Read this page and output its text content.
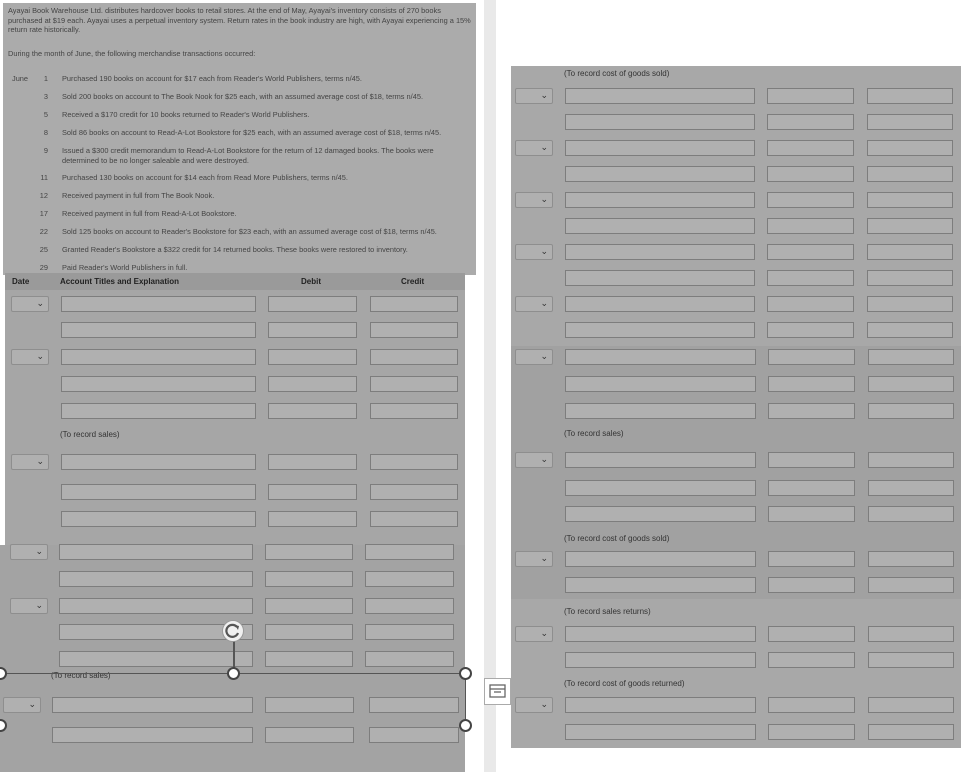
Ayayai Book Warehouse Ltd. distributes hardcover books to retail stores. At the end of May, Ayayai's inventory consists of 270 books purchased at $19 each. Ayayai uses a perpetual inventory system. Return rates in the book industry are high, with Ayayai experiencing a 15% return rate historically.

During the month of June, the following merchandise transactions occurred:

June 1 Purchased 190 books on account for $17 each from Reader's World Publishers, terms n/45.
3 Sold 200 books on account to The Book Nook for $25 each, with an assumed average cost of $18, terms n/45.
5 Received a $170 credit for 10 books returned to Reader's World Publishers.
8 Sold 86 books on account to Read-A-Lot Bookstore for $25 each, with an assumed average cost of $18, terms n/45.
9 Issued a $300 credit memorandum to Read-A-Lot Bookstore for the return of 12 damaged books. The books were determined to be no longer saleable and were destroyed.
11 Purchased 130 books on account for $14 each from Read More Publishers, terms n/45.
12 Received payment in full from The Book Nook.
17 Received payment in full from Read-A-Lot Bookstore.
22 Sold 125 books on account to Reader's Bookstore for $23 each, with an assumed average cost of $18, terms n/45.
25 Granted Reader's Bookstore a $322 credit for 14 returned books. These books were restored to inventory.
29 Paid Reader's World Publishers in full.
Date	Account Titles and Explanation	Debit	Credit
⌄
⌄
⌄
⌄
⌄
⌄
(To record sales)
(To record sales)
⌄
⌄
⌄
⌄
⌄
⌄
⌄
⌄
⌄
⌄
(To record cost of goods sold)
(To record sales)
(To record cost of goods sold)
(To record sales returns)
(To record cost of goods returned)
